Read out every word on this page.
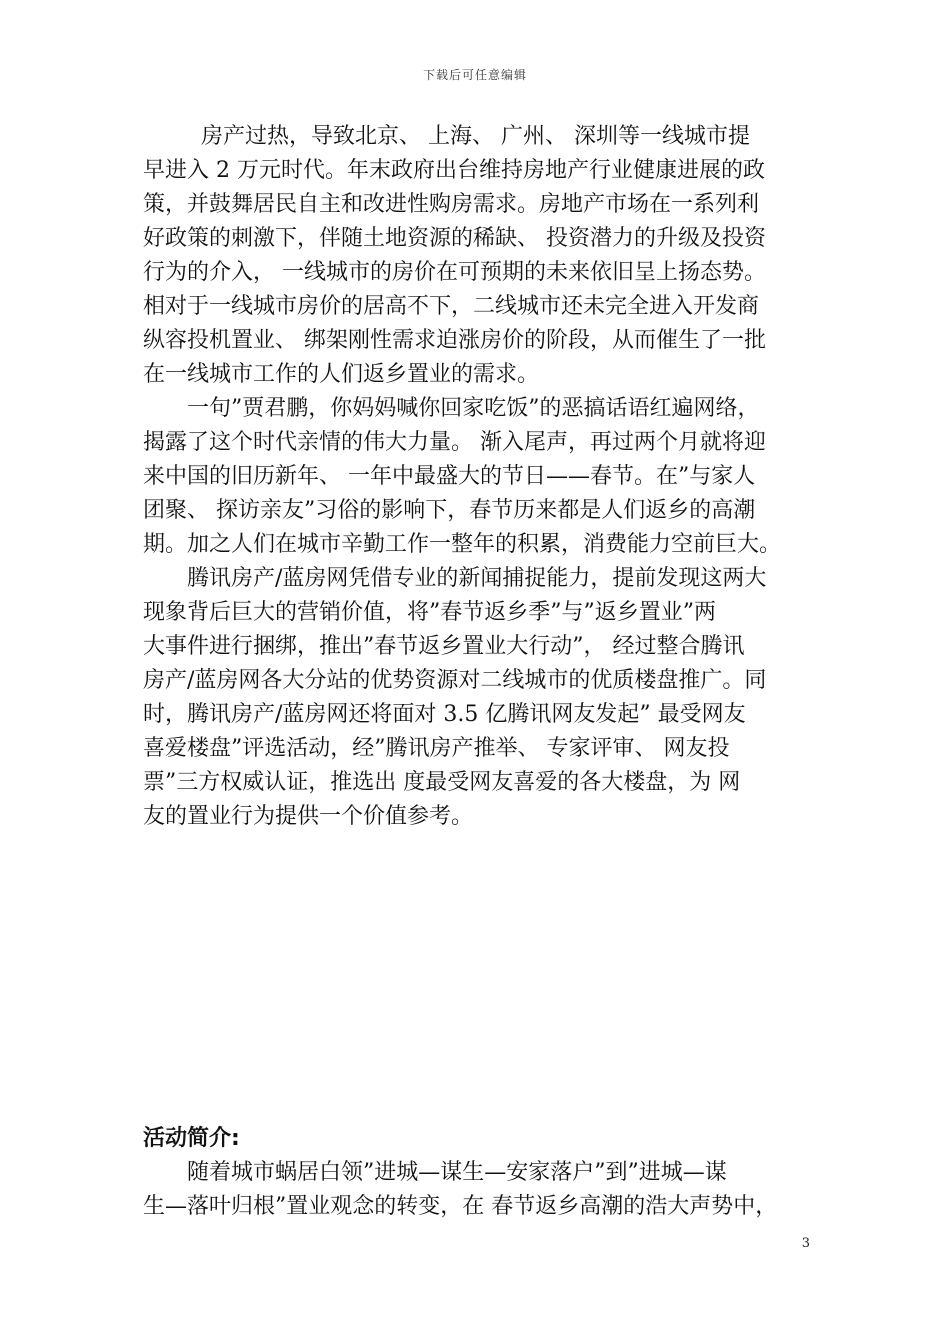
下载后可任意编辑
房产过热，导致北京、 上海、 广州、 深圳等一线城市提
早进入 2 万元时代。年末政府出台维持房地产行业健康进展的政
策，并鼓舞居民自主和改进性购房需求。房地产市场在一系列利
好政策的刺激下，伴随土地资源的稀缺、 投资潜力的升级及投资
行为的介入， 一线城市的房价在可预期的未来依旧呈上扬态势。
相对于一线城市房价的居高不下，二线城市还未完全进入开发商
纵容投机置业、 绑架刚性需求迫涨房价的阶段，从而催生了一批
在一线城市工作的人们返乡置业的需求。
一句”贾君鹏，你妈妈喊你回家吃饭”的恶搞话语红遍网络，
揭露了这个时代亲情的伟大力量。 渐入尾声，再过两个月就将迎
来中国的旧历新年、 一年中最盛大的节日——春节。在”与家人
团聚、 探访亲友”习俗的影响下，春节历来都是人们返乡的高潮
期。加之人们在城市辛勤工作一整年的积累，消费能力空前巨大。
腾讯房产/蓝房网凭借专业的新闻捕捉能力，提前发现这两大
现象背后巨大的营销价值，将”春节返乡季”与”返乡置业”两
大事件进行捆绑，推出”春节返乡置业大行动”， 经过整合腾讯
房产/蓝房网各大分站的优势资源对二线城市的优质楼盘推广。同
时，腾讯房产/蓝房网还将面对 3.5 亿腾讯网友发起” 最受网友
喜爱楼盘”评选活动，经”腾讯房产推举、 专家评审、 网友投
票”三方权威认证，推选出 度最受网友喜爱的各大楼盘，为 网
友的置业行为提供一个价值参考。
活动简介:
随着城市蜗居白领”进城—谋生—安家落户”到”进城—谋
生—落叶归根”置业观念的转变，在 春节返乡高潮的浩大声势中，
3
